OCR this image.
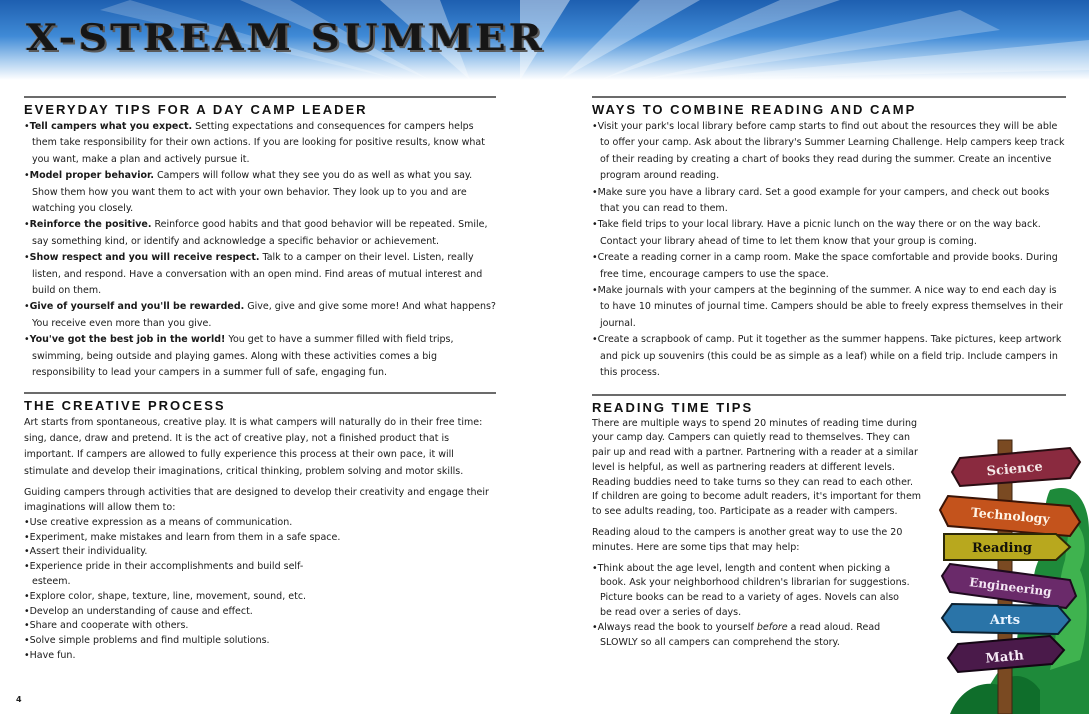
X-STREAM SUMMER
EVERYDAY TIPS FOR A DAY CAMP LEADER
• Tell campers what you expect. Setting expectations and consequences for campers helps them take responsibility for their own actions. If you are looking for positive results, know what you want, make a plan and actively pursue it.
• Model proper behavior. Campers will follow what they see you do as well as what you say. Show them how you want them to act with your own behavior. They look up to you and are watching you closely.
• Reinforce the positive. Reinforce good habits and that good behavior will be repeated. Smile, say something kind, or identify and acknowledge a specific behavior or achievement.
• Show respect and you will receive respect. Talk to a camper on their level. Listen, really listen, and respond. Have a conversation with an open mind. Find areas of mutual interest and build on them.
• Give of yourself and you'll be rewarded. Give, give and give some more! And what happens? You receive even more than you give.
• You've got the best job in the world! You get to have a summer filled with field trips, swimming, being outside and playing games. Along with these activities comes a big responsibility to lead your campers in a summer full of safe, engaging fun.
THE CREATIVE PROCESS

Art starts from spontaneous, creative play. It is what campers will naturally do in their free time: sing, dance, draw and pretend. It is the act of creative play, not a finished product that is important. If campers are allowed to fully experience this process at their own pace, it will stimulate and develop their imaginations, critical thinking, problem solving and motor skills.

Guiding campers through activities that are designed to develop their creativity and engage their imaginations will allow them to:

• Use creative expression as a means of communication.
• Experiment, make mistakes and learn from them in a safe space.
• Assert their individuality.
• Experience pride in their accomplishments and build self-esteem.
• Explore color, shape, texture, line, movement, sound, etc.
• Develop an understanding of cause and effect.
• Share and cooperate with others.
• Solve simple problems and find multiple solutions.
• Have fun.
4
WAYS TO COMBINE READING AND CAMP
• Visit your park's local library before camp starts to find out about the resources they will be able to offer your camp. Ask about the library's Summer Learning Challenge. Help campers keep track of their reading by creating a chart of books they read during the summer. Create an incentive program around reading.
• Make sure you have a library card. Set a good example for your campers, and check out books that you can read to them.
• Take field trips to your local library. Have a picnic lunch on the way there or on the way back. Contact your library ahead of time to let them know that your group is coming.
• Create a reading corner in a camp room. Make the space comfortable and provide books. During free time, encourage campers to use the space.
• Make journals with your campers at the beginning of the summer. A nice way to end each day is to have 10 minutes of journal time. Campers should be able to freely express themselves in their journal.
• Create a scrapbook of camp. Put it together as the summer happens. Take pictures, keep artwork and pick up souvenirs (this could be as simple as a leaf) while on a field trip. Include campers in this process.
READING TIME TIPS

There are multiple ways to spend 20 minutes of reading time during your camp day. Campers can quietly read to themselves. They can pair up and read with a partner. Partnering with a reader at a similar level is helpful, as well as partnering readers at different levels. Reading buddies need to take turns so they can read to each other. If children are going to become adult readers, it's important for them to see adults reading, too. Participate as a reader with campers.

Reading aloud to the campers is another great way to use the 20 minutes. Here are some tips that may help:

• Think about the age level, length and content when picking a book. Ask your neighborhood children's librarian for suggestions. Picture books can be read to a variety of ages. Novels can also be read over a series of days.
• Always read the book to yourself before a read aloud. Read SLOWLY so all campers can comprehend the story.
Science
Technology
Reading
Engineering
Arts
Math
